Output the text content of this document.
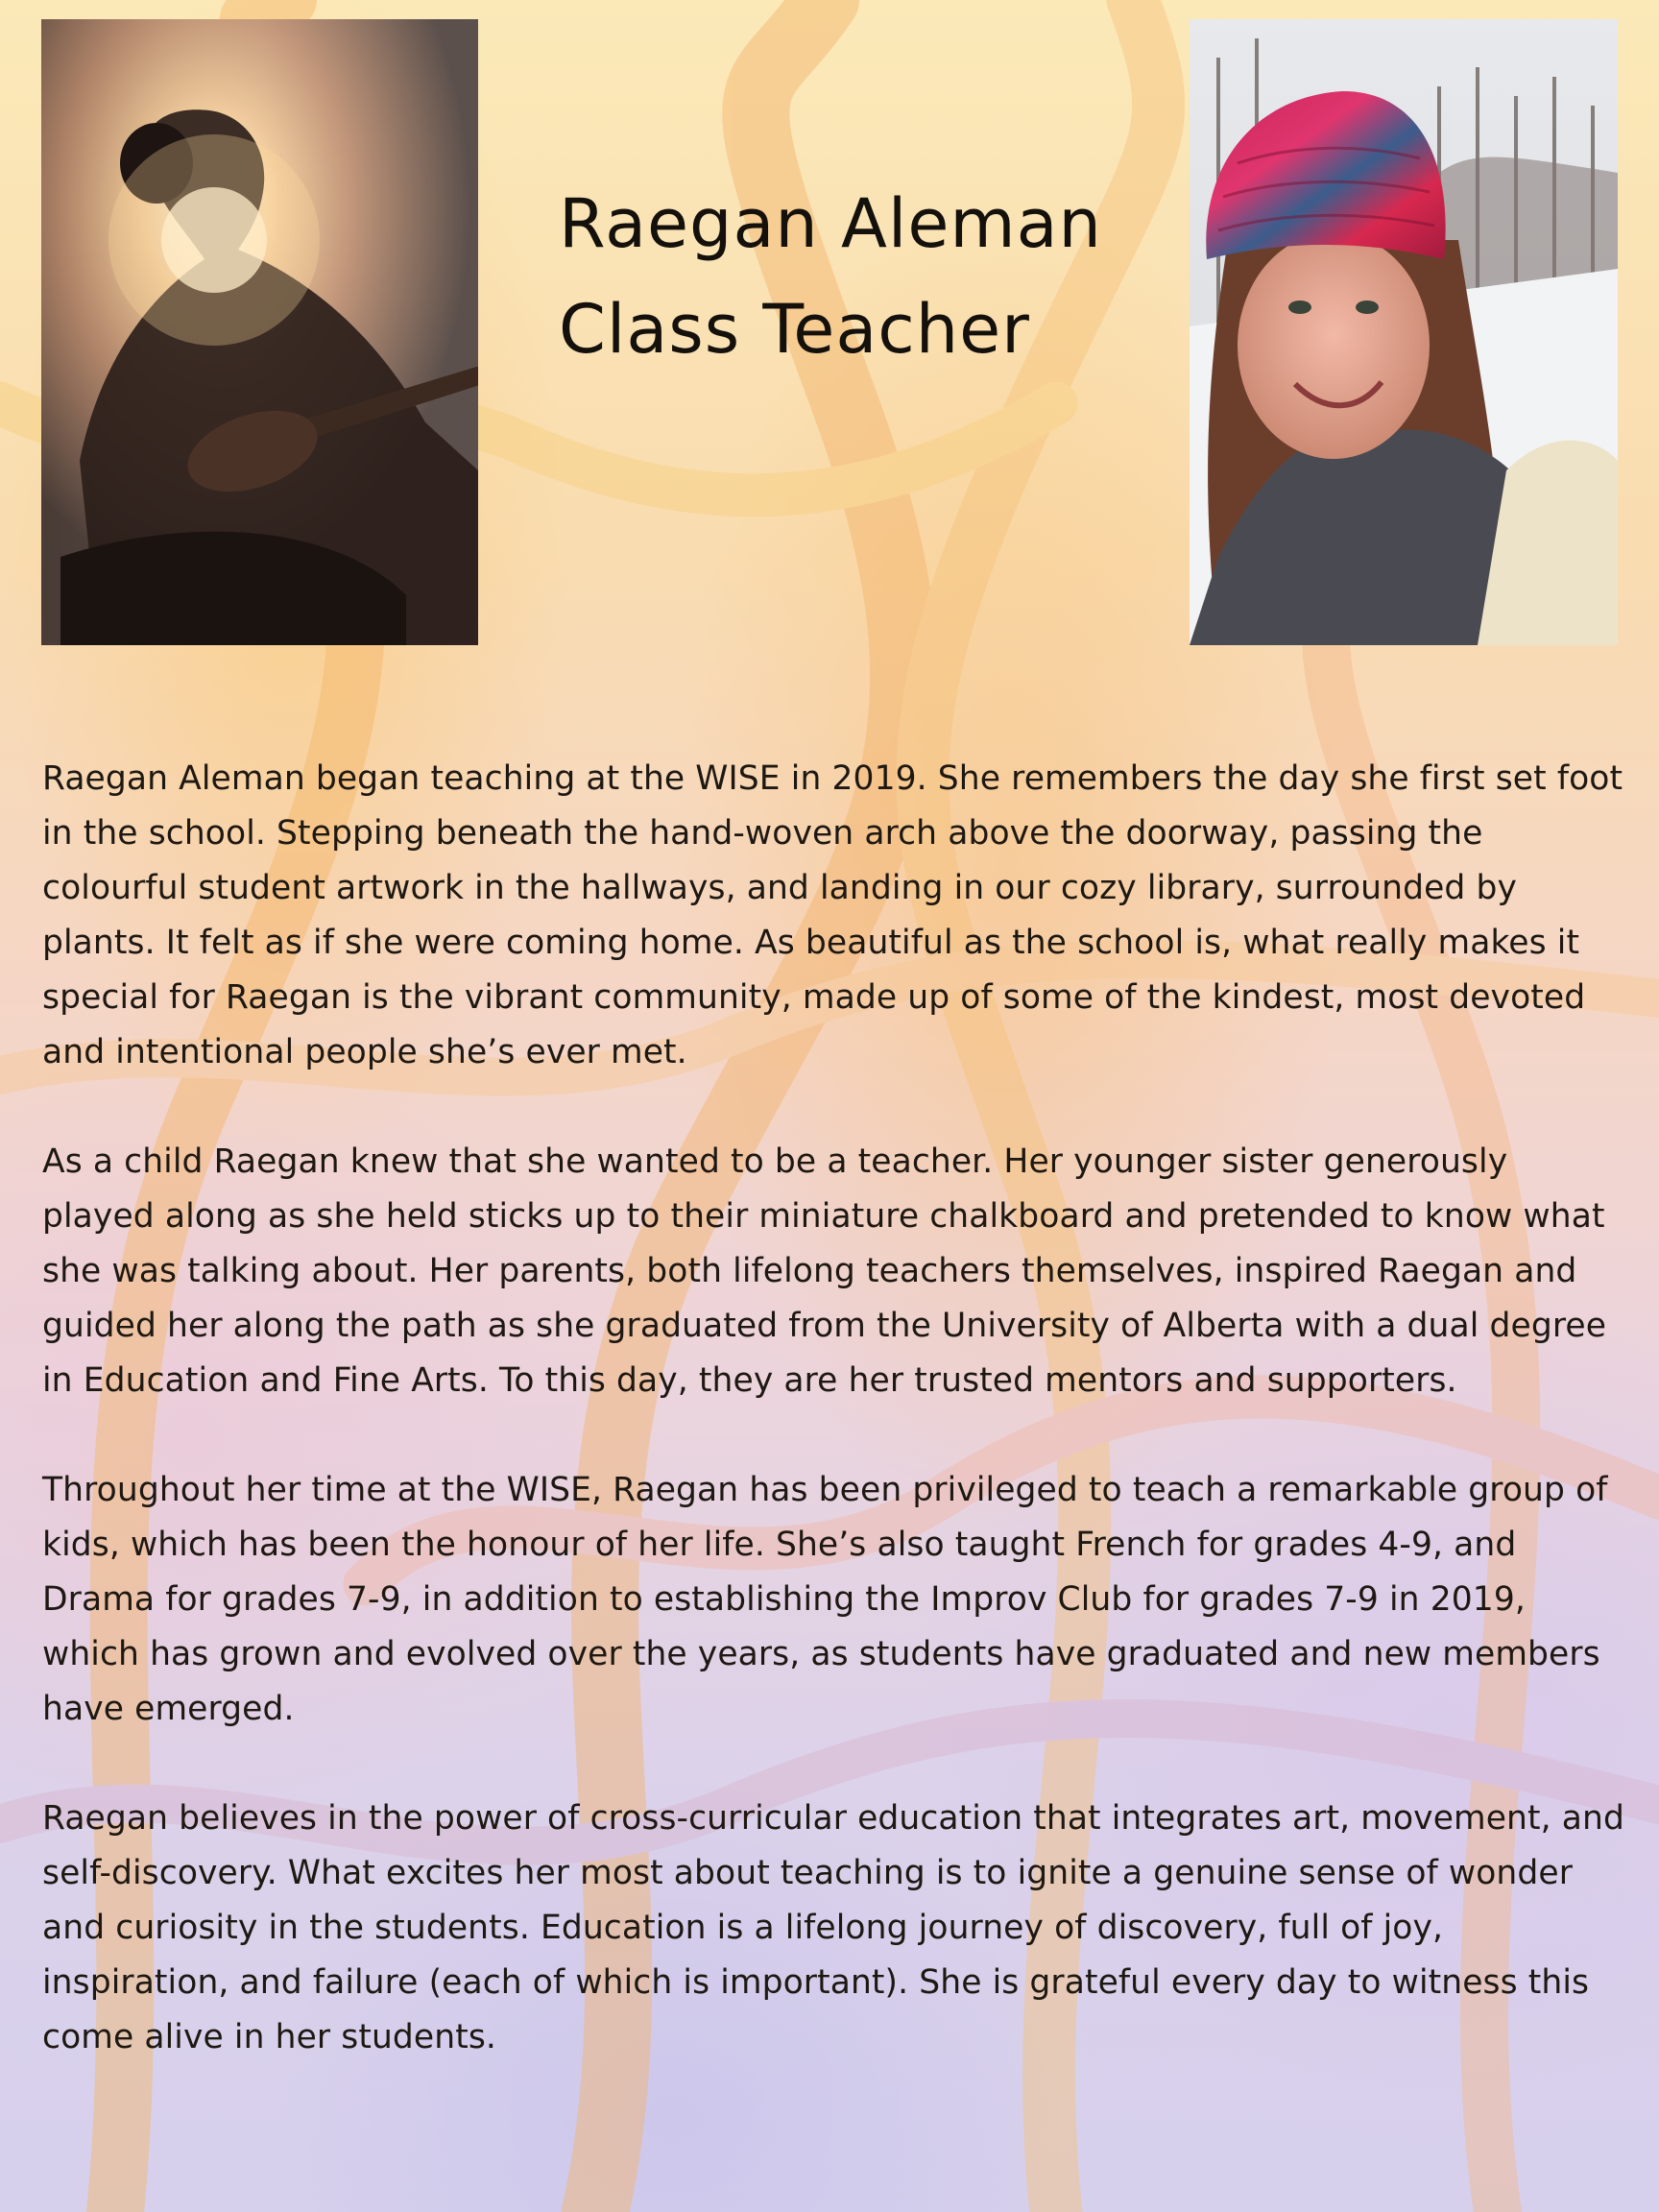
Raegan Aleman
Class Teacher

Raegan Aleman began teaching at the WISE in 2019. She remembers the day she first set foot in the school. Stepping beneath the hand-woven arch above the doorway, passing the colourful student artwork in the hallways, and landing in our cozy library, surrounded by plants. It felt as if she were coming home. As beautiful as the school is, what really makes it special for Raegan is the vibrant community, made up of some of the kindest, most devoted and intentional people she’s ever met.

As a child Raegan knew that she wanted to be a teacher. Her younger sister generously played along as she held sticks up to their miniature chalkboard and pretended to know what she was talking about. Her parents, both lifelong teachers themselves, inspired Raegan and guided her along the path as she graduated from the University of Alberta with a dual degree in Education and Fine Arts. To this day, they are her trusted mentors and supporters.

Throughout her time at the WISE, Raegan has been privileged to teach a remarkable group of kids, which has been the honour of her life. She’s also taught French for grades 4-9, and Drama for grades 7-9, in addition to establishing the Improv Club for grades 7-9 in 2019, which has grown and evolved over the years, as students have graduated and new members have emerged.

Raegan believes in the power of cross-curricular education that integrates art, movement, and self-discovery. What excites her most about teaching is to ignite a genuine sense of wonder and curiosity in the students. Education is a lifelong journey of discovery, full of joy, inspiration, and failure (each of which is important). She is grateful every day to witness this come alive in her students.
